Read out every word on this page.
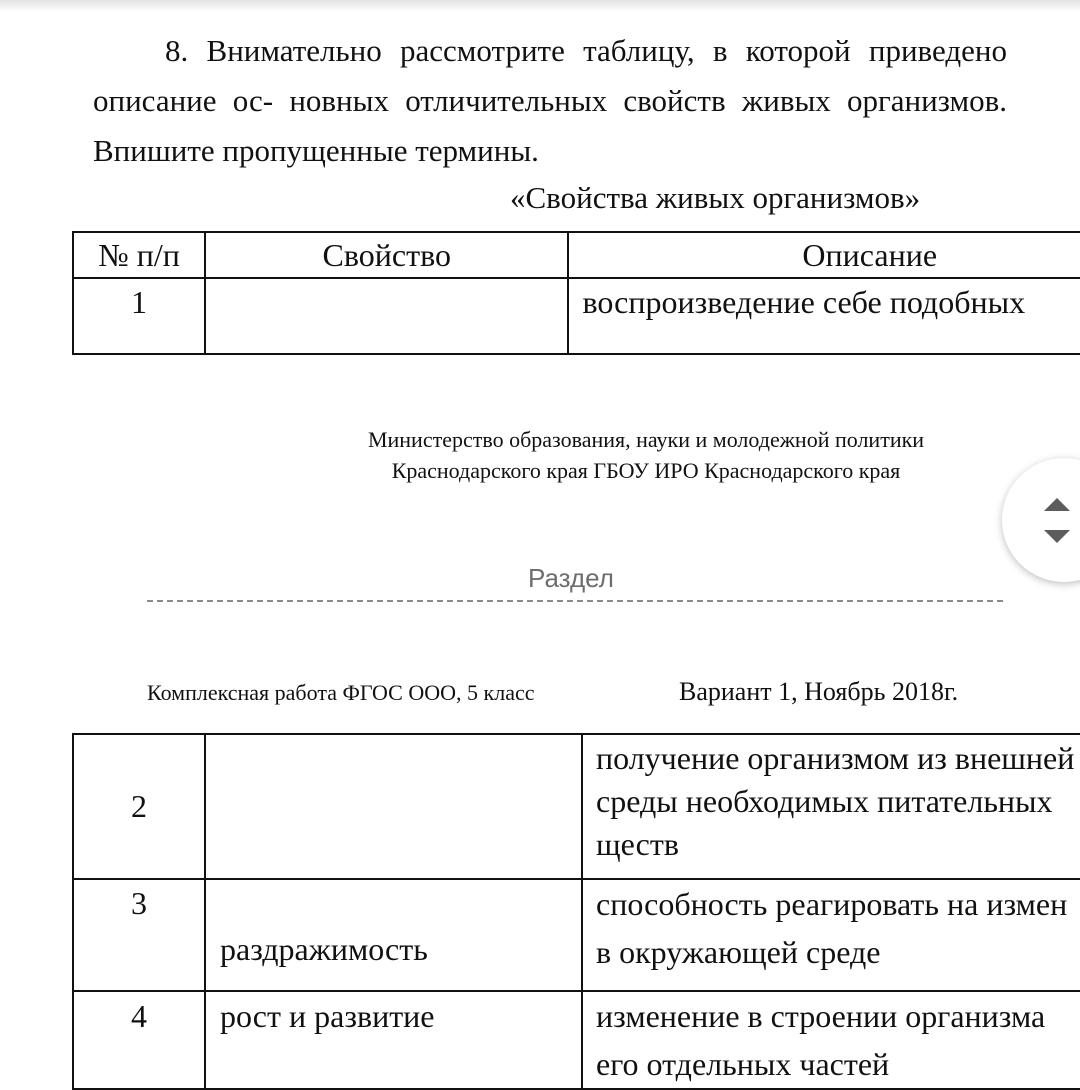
8. Внимательно рассмотрите таблицу, в которой приведено описание ос- новных отличительных свойств живых организмов. Впишите пропущенные термины.
«Свойства живых организмов»
№ п/п	Свойство	Описание
1		воспроизведение себе подобных
Министерство образования, науки и молодежной политики
Краснодарского края ГБОУ ИРО Краснодарского края
Раздел
Комплексная работа ФГОС ООО, 5 класс	Вариант 1, Ноябрь 2018г.
2		получение организмом из внешней
среды необходимых питательных
ществ

3	раздражимость	способность реагировать на измен
в окружающей среде

4	рост и развитие	изменение в строении организма
его отдельных частей
